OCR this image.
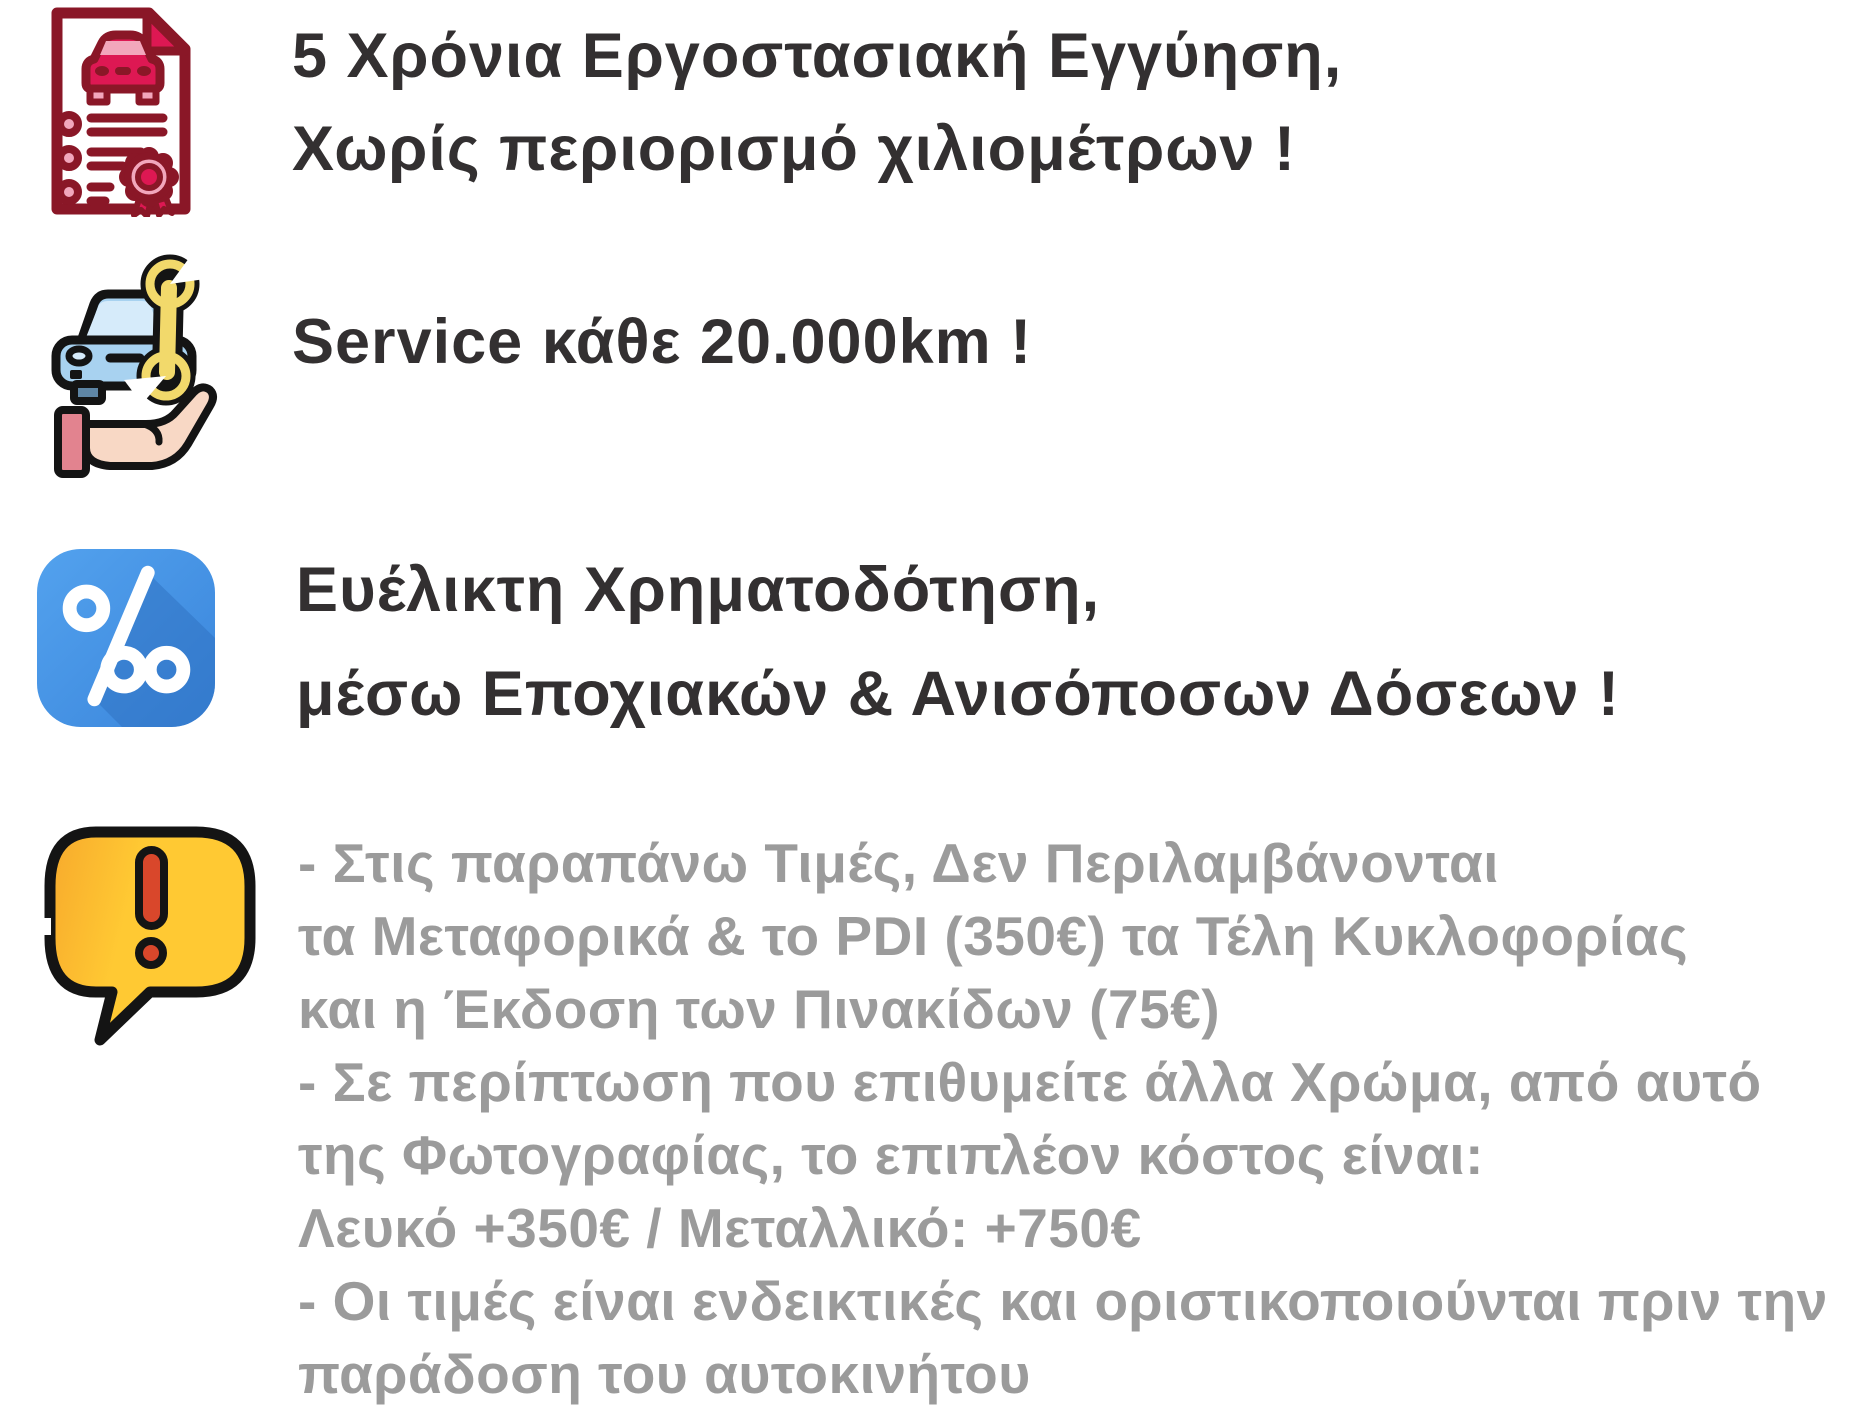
5 Χρόνια Εργοστασιακή Εγγύηση,
Χωρίς περιορισμό χιλιομέτρων !
Service κάθε 20.000km !
Ευέλικτη Χρηματοδότηση,
μέσω Εποχιακών & Ανισόποσων Δόσεων !
- Στις παραπάνω Τιμές, Δεν Περιλαμβάνονται
τα Μεταφορικά & το PDI (350€) τα Τέλη Κυκλοφορίας
και η Έκδοση των Πινακίδων (75€)
- Σε περίπτωση που επιθυμείτε άλλα Χρώμα, από αυτό
της Φωτογραφίας, το επιπλέον κόστος είναι:
Λευκό +350€ / Μεταλλικό: +750€
- Οι τιμές είναι ενδεικτικές και οριστικοποιούνται πριν την
παράδοση του αυτοκινήτου
